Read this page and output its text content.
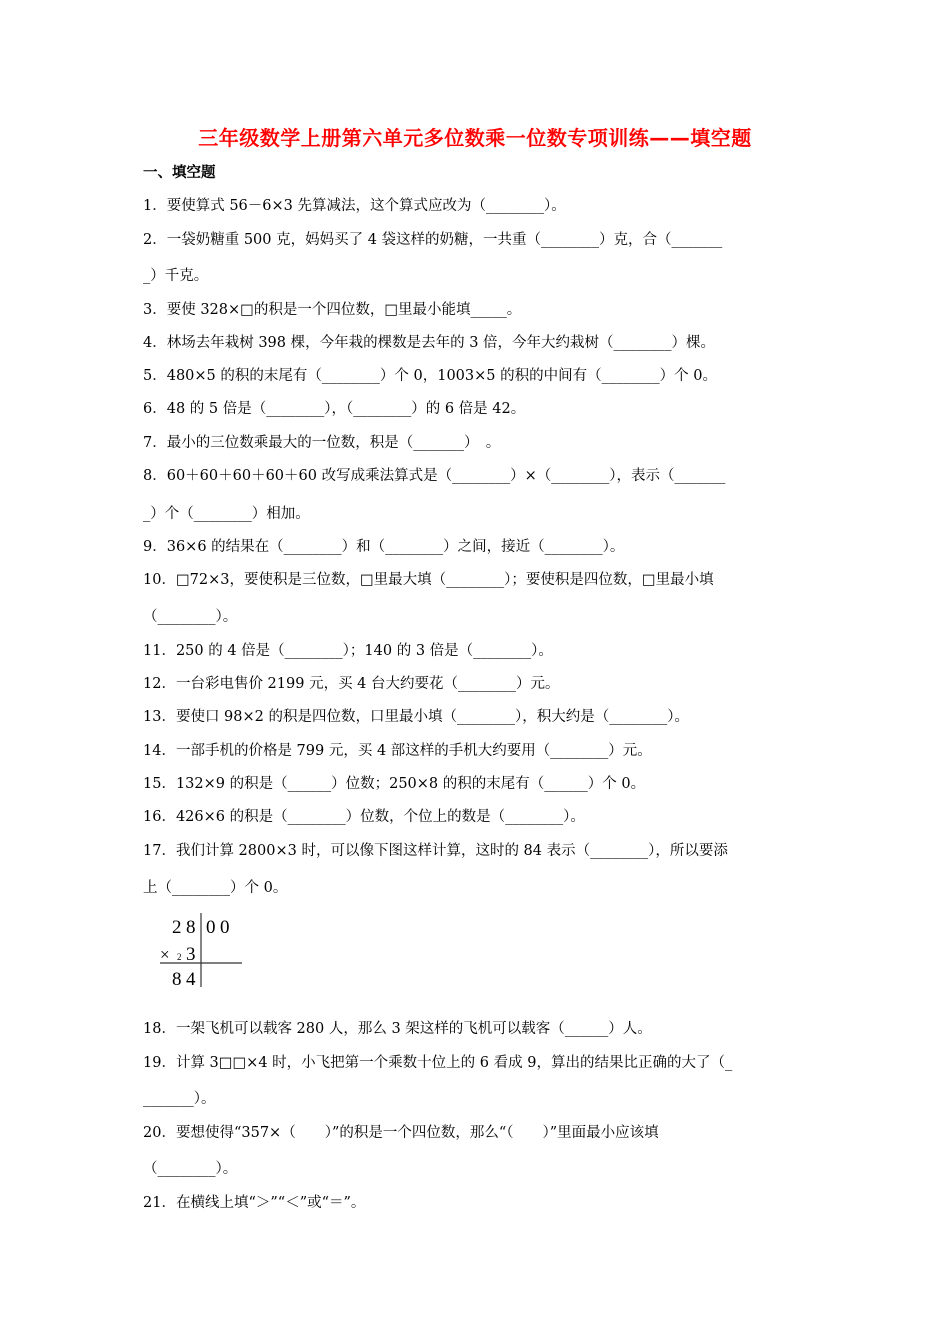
三年级数学上册第六单元多位数乘一位数专项训练——填空题
一、填空题
1．要使算式 56－6×3 先算减法，这个算式应改为（________）。
2．一袋奶糖重 500 克，妈妈买了 4 袋这样的奶糖，一共重（________）克，合（_______
_）千克。
3．要使 328×□的积是一个四位数，□里最小能填_____。
4．林场去年栽树 398 棵，今年栽的棵数是去年的 3 倍，今年大约栽树（________）棵。
5．480×5 的积的末尾有（________）个 0，1003×5 的积的中间有（________）个 0。
6．48 的 5 倍是（________），（________）的 6 倍是 42。
7．最小的三位数乘最大的一位数，积是（_______）　。
8．60＋60＋60＋60＋60 改写成乘法算式是（________）×（________），表示（_______
_）个（________）相加。
9．36×6 的结果在（________）和（________）之间，接近（________）。
10．□72×3，要使积是三位数，□里最大填（________）；要使积是四位数，□里最小填
（________）。
11．250 的 4 倍是（________）；140 的 3 倍是（________）。
12．一台彩电售价 2199 元，买 4 台大约要花（________）元。
13．要使口 98×2 的积是四位数，口里最小填（________），积大约是（________）。
14．一部手机的价格是 799 元，买 4 部这样的手机大约要用（________）元。
15．132×9 的积是（______）位数；250×8 的积的末尾有（______）个 0。
16．426×6 的积是（________）位数，个位上的数是（________）。
17．我们计算 2800×3 时，可以像下图这样计算，这时的 84 表示（________），所以要添
上（________）个 0。
2 8 0 0
× 2 3
8 4
18．一架飞机可以载客 280 人，那么 3 架这样的飞机可以载客（______）人。
19．计算 3□□×4 时，小飞把第一个乘数十位上的 6 看成 9，算出的结果比正确的大了（_
_______）。
20．要想使得“357×（　　）”的积是一个四位数，那么“（　　）”里面最小应该填
（________）。
21．在横线上填“＞”“＜”或“＝”。
